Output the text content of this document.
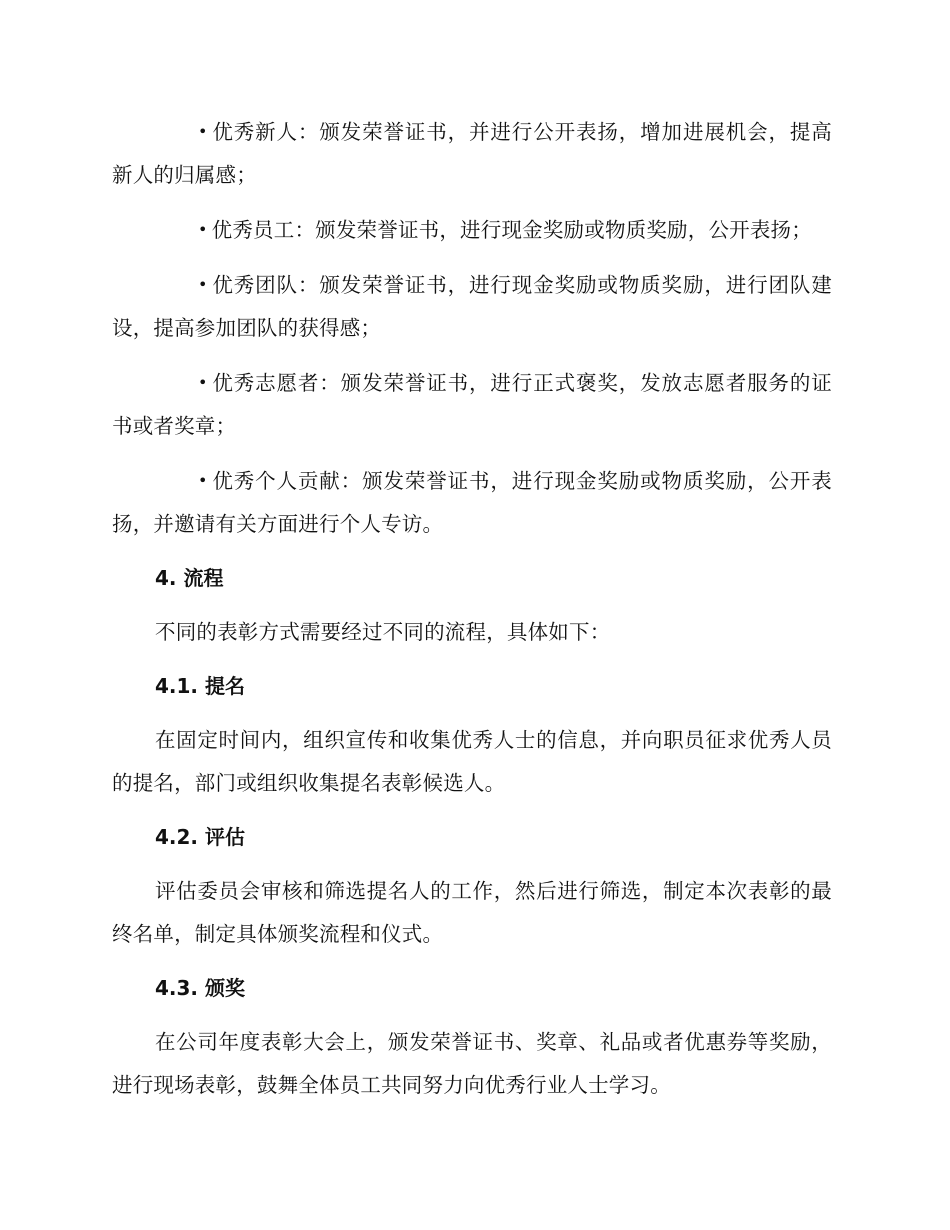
• 优秀新人：颁发荣誉证书，并进行公开表扬，增加进展机会，提高新人的归属感；

• 优秀员工：颁发荣誉证书，进行现金奖励或物质奖励，公开表扬；

• 优秀团队：颁发荣誉证书，进行现金奖励或物质奖励，进行团队建设，提高参加团队的获得感；

• 优秀志愿者：颁发荣誉证书，进行正式褒奖，发放志愿者服务的证书或者奖章；

• 优秀个人贡献：颁发荣誉证书，进行现金奖励或物质奖励，公开表扬，并邀请有关方面进行个人专访。

4. 流程

不同的表彰方式需要经过不同的流程，具体如下：

4.1. 提名

在固定时间内，组织宣传和收集优秀人士的信息，并向职员征求优秀人员的提名，部门或组织收集提名表彰候选人。

4.2. 评估

评估委员会审核和筛选提名人的工作，然后进行筛选，制定本次表彰的最终名单，制定具体颁奖流程和仪式。

4.3. 颁奖

在公司年度表彰大会上，颁发荣誉证书、奖章、礼品或者优惠券等奖励，进行现场表彰，鼓舞全体员工共同努力向优秀行业人士学习。
